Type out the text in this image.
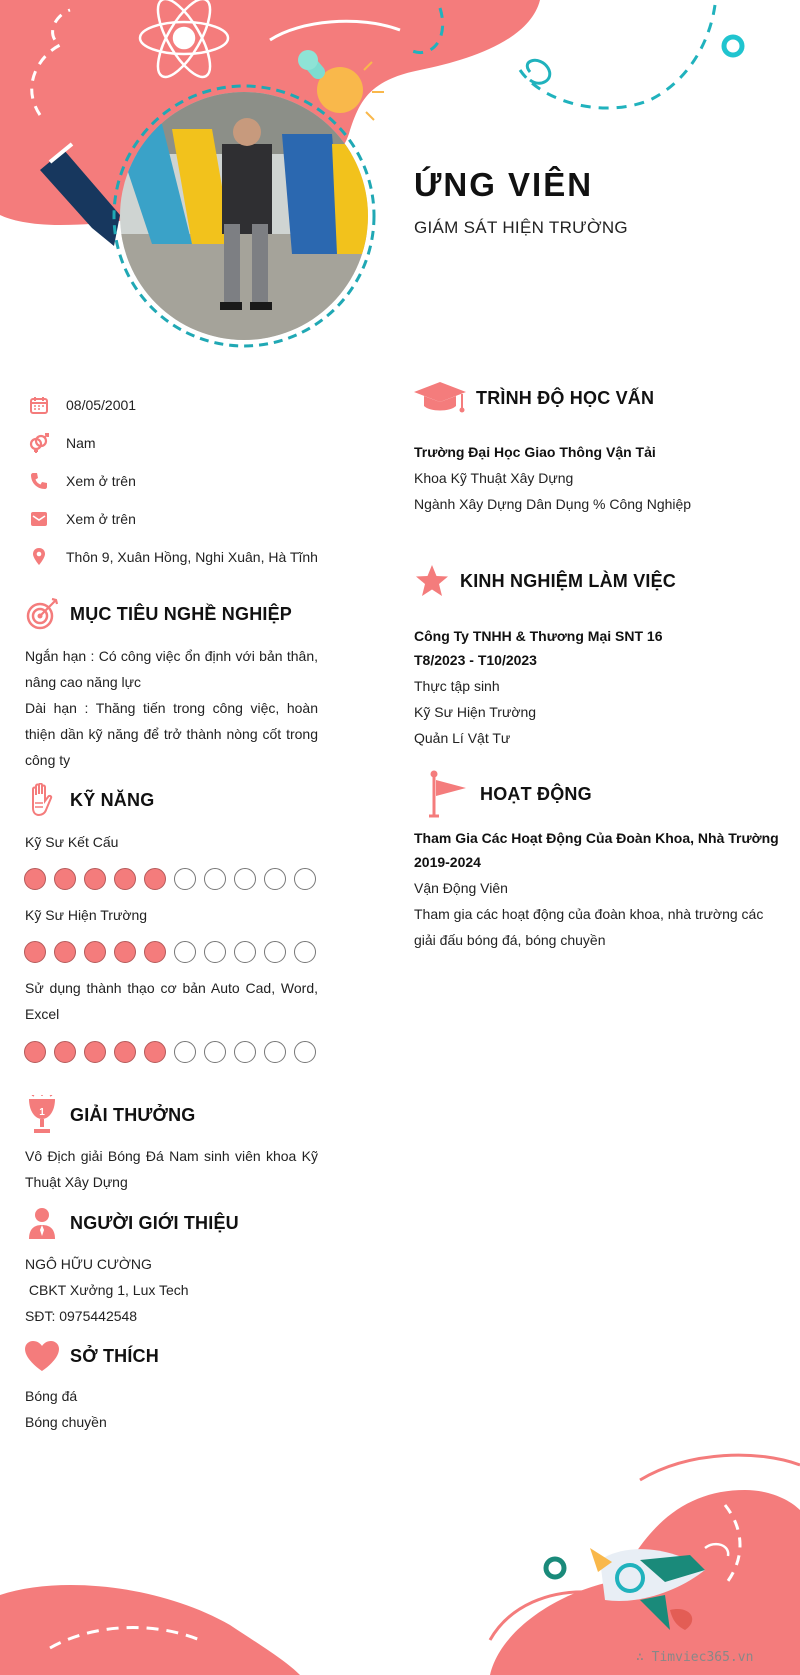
ỨNG VIÊN
GIÁM SÁT HIỆN TRƯỜNG
08/05/2001
Nam
Xem ở trên
Xem ở trên
Thôn 9, Xuân Hồng, Nghi Xuân, Hà Tĩnh
MỤC TIÊU NGHỀ NGHIỆP
Ngắn hạn : Có công việc ổn định với bản thân, nâng cao năng lực
Dài hạn : Thăng tiến trong công việc, hoàn thiện dần kỹ năng để trở thành nòng cốt trong công ty
KỸ NĂNG
Kỹ Sư Kết Cấu
Kỹ Sư Hiện Trường
Sử dụng thành thạo cơ bản Auto Cad, Word, Excel
1 GIẢI THƯỞNG
Vô Địch giải Bóng Đá Nam sinh viên khoa Kỹ Thuật Xây Dựng
NGƯỜI GIỚI THIỆU
NGÔ HỮU CƯỜNG
CBKT Xưởng 1, Lux Tech
SĐT: 0975442548
SỞ THÍCH
Bóng đá
Bóng chuyền
TRÌNH ĐỘ HỌC VẤN
Trường Đại Học Giao Thông Vận Tải
Khoa Kỹ Thuật Xây Dựng
Ngành Xây Dựng Dân Dụng % Công Nghiệp
KINH NGHIỆM LÀM VIỆC
Công Ty TNHH & Thương Mại SNT 16
T8/2023 - T10/2023
Thực tập sinh
Kỹ Sư Hiện Trường
Quản Lí Vật Tư
HOẠT ĐỘNG
Tham Gia Các Hoạt Động Của Đoàn Khoa, Nhà Trường
2019-2024
Vận Động Viên
Tham gia các hoạt động của đoàn khoa, nhà trường các giải đấu bóng đá, bóng chuyền
∴ Timviec365.vn
